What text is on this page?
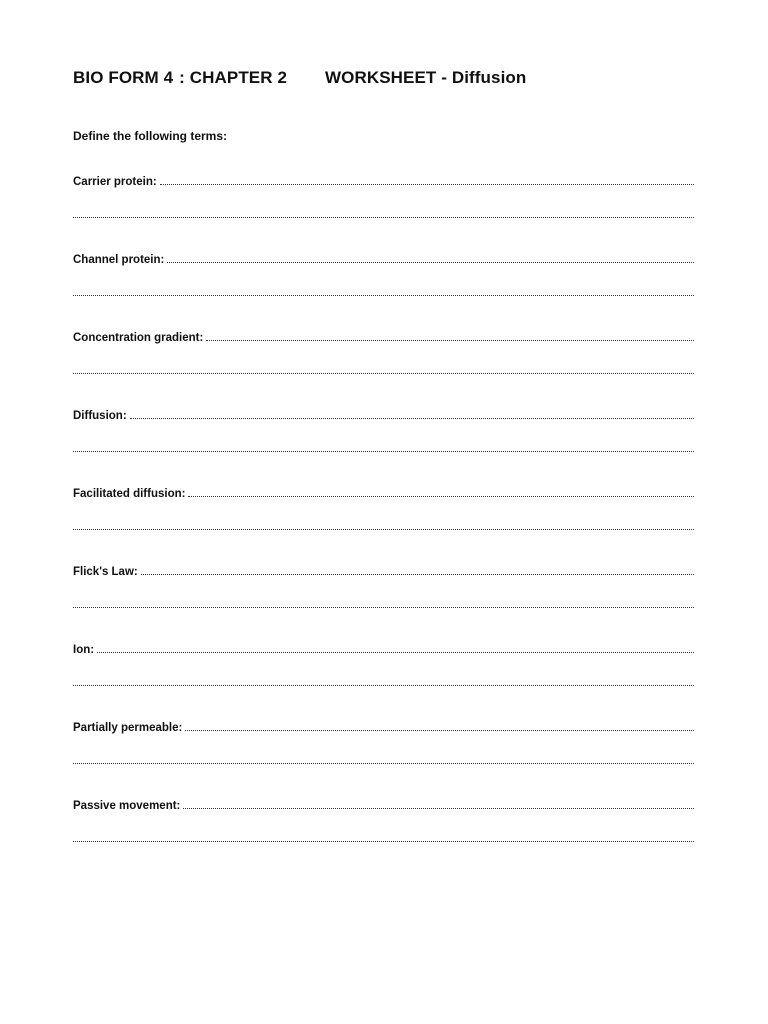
BIO FORM 4 : CHAPTER 2 WORKSHEET - Diffusion
Define the following terms:
Carrier protein:
Channel protein:
Concentration gradient:
Diffusion:
Facilitated diffusion:
Flick's Law:
Ion:
Partially permeable:
Passive movement:
